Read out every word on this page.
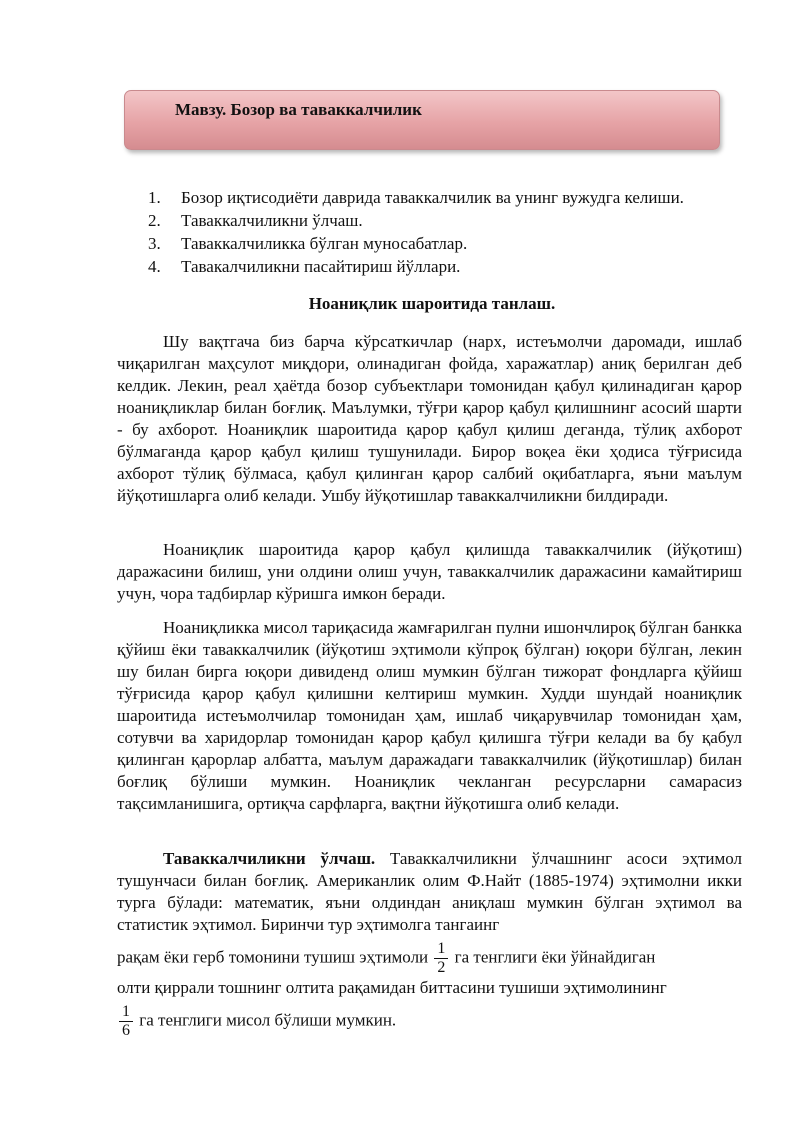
Мавзу. Бозор ва таваккалчилик
1.	Бозор иқтисодиёти даврида таваккалчилик ва унинг вужудга келиши.
2.	Таваккалчиликни ўлчаш.
3.	Таваккалчиликка бўлган муносабатлар.
4.	Тавакалчиликни пасайтириш йўллари.
Ноаниқлик шароитида танлаш.

Шу вақтгача биз барча кўрсаткичлар (нарх, истеъмолчи даромади, ишлаб чиқарилган маҳсулот миқдори, олинадиган фойда, харажатлар) аниқ берилган деб келдик. Лекин, реал ҳаётда бозор субъектлари томонидан қабул қилинадиган қарор ноаниқликлар билан боғлиқ. Маълумки, тўғри қарор қабул қилишнинг асосий шарти - бу ахборот. Ноаниқлик шароитида қарор қабул қилиш деганда, тўлиқ ахборот бўлмаганда қарор қабул қилиш тушунилади. Бирор воқеа ёки ҳодиса тўғрисида ахборот тўлиқ бўлмаса, қабул қилинган қарор салбий оқибатларга, яъни маълум йўқотишларга олиб келади. Ушбу йўқотишлар таваккалчиликни билдиради.

Ноаниқлик шароитида қарор қабул қилишда таваккалчилик (йўқотиш) даражасини билиш, уни олдини олиш учун, таваккалчилик даражасини камайтириш учун, чора тадбирлар кўришга имкон беради.

Ноаниқликка мисол тариқасида жамғарилган пулни ишончлироқ бўлган банкка қўйиш ёки таваккалчилик (йўқотиш эҳтимоли кўпроқ бўлган) юқори бўлган, лекин шу билан бирга юқори дивиденд олиш мумкин бўлган тижорат фондларга қўйиш тўғрисида қарор қабул қилишни келтириш мумкин. Худди шундай ноаниқлик шароитида истеъмолчилар томонидан ҳам, ишлаб чиқарувчилар томонидан ҳам, сотувчи ва харидорлар томонидан қарор қабул қилишга тўғри келади ва бу қабул қилинган қарорлар албатта, маълум даражадаги таваккалчилик (йўқотишлар) билан боғлиқ бўлиши мумкин. Ноаниқлик чекланган ресурсларни самарасиз тақсимланишига, ортиқча сарфларга, вақтни йўқотишга олиб келади.

Таваккалчиликни ўлчаш. Таваккалчиликни ўлчашнинг асоси эҳтимол тушунчаси билан боғлиқ. Американлик олим Ф.Найт (1885-1974) эҳтимолни икки турга бўлади: математик, яъни олдиндан аниқлаш мумкин бўлган эҳтимол ва статистик эҳтимол. Биринчи тур эҳтимолга тангаинг
рақам ёки герб томонини тушиш эҳтимоли $\frac{1}{2}$ га тенглиги ёки ўйнайдиган
олти қиррали тошнинг олтита рақамидан биттасини тушиши эҳтимолининг
$\frac{1}{6}$ га тенглиги мисол бўлиши мумкин.
